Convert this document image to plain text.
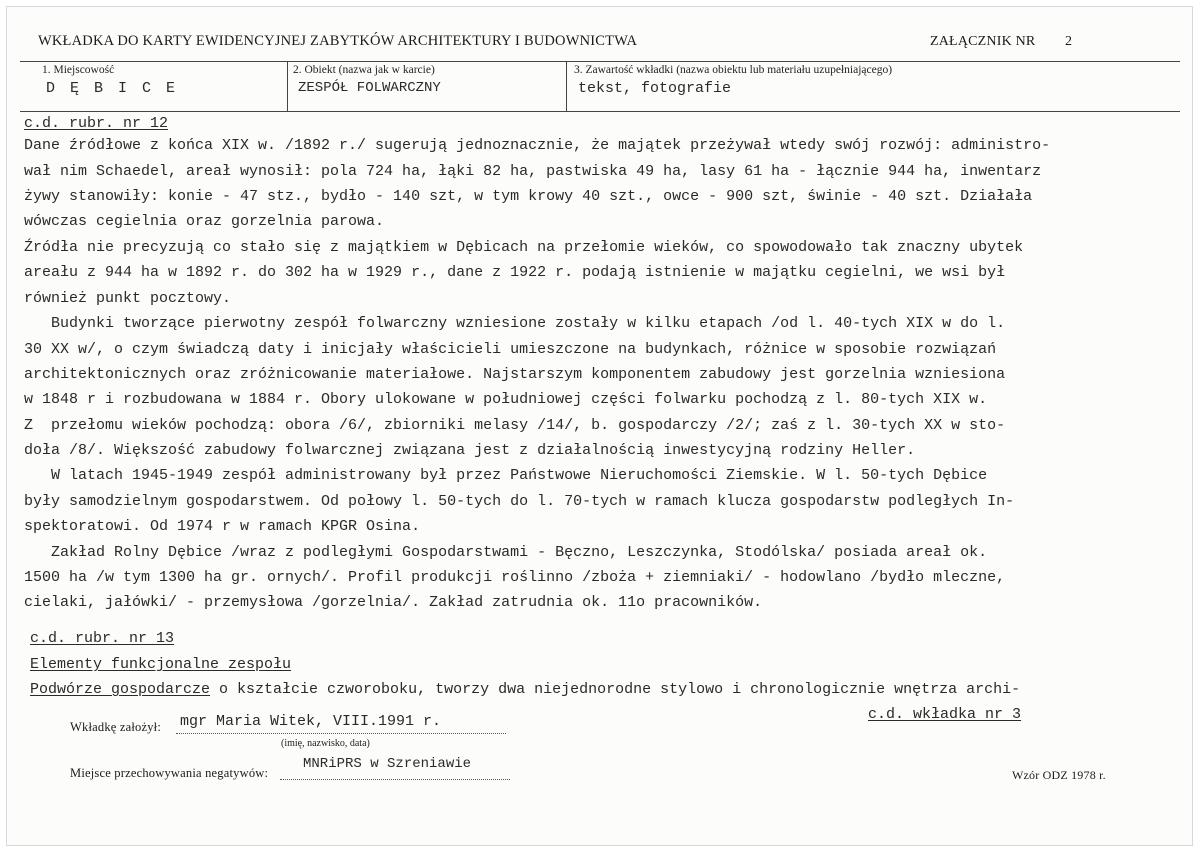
WKŁADKA DO KARTY EWIDENCYJNEJ ZABYTKÓW ARCHITEKTURY I BUDOWNICTWA	ZAŁĄCZNIK NR 2
1. Miejscowość
D Ę B I C E
2. Obiekt (nazwa jak w karcie)
ZESPÓŁ FOLWARCZNY
3. Zawartość wkładki (nazwa obiektu lub materiału uzupełniającego)
tekst, fotografie
c.d. rubr. nr 12
Dane źródłowe z końca XIX w. /1892 r./ sugerują jednoznacznie, że majątek przeżywał wtedy swój rozwój: administro-
wał nim Schaedel, areał wynosił: pola 724 ha, łąki 82 ha, pastwiska 49 ha, lasy 61 ha - łącznie 944 ha, inwentarz
żywy stanowiły: konie - 47 stz., bydło - 140 szt, w tym krowy 40 szt., owce - 900 szt, świnie - 40 szt. Działała
wówczas cegielnia oraz gorzelnia parowa.
Źródła nie precyzują co stało się z majątkiem w Dębicach na przełomie wieków, co spowodowało tak znaczny ubytek
areału z 944 ha w 1892 r. do 302 ha w 1929 r., dane z 1922 r. podają istnienie w majątku cegielni, we wsi był
również punkt pocztowy.
Budynki tworzące pierwotny zespół folwarczny wzniesione zostały w kilku etapach /od l. 40-tych XIX w do l.
30 XX w/, o czym świadczą daty i inicjały właścicieli umieszczone na budynkach, różnice w sposobie rozwiązań
architektonicznych oraz zróżnicowanie materiałowe. Najstarszym komponentem zabudowy jest gorzelnia wzniesiona
w 1848 r i rozbudowana w 1884 r. Obory ulokowane w południowej części folwarku pochodzą z l. 80-tych XIX w.
Z  przełomu wieków pochodzą: obora /6/, zbiorniki melasy /14/, b. gospodarczy /2/; zaś z l. 30-tych XX w sto-
doła /8/. Większość zabudowy folwarcznej związana jest z działalnością inwestycyjną rodziny Heller.
W latach 1945-1949 zespół administrowany był przez Państwowe Nieruchomości Ziemskie. W l. 50-tych Dębice
były samodzielnym gospodarstwem. Od połowy l. 50-tych do l. 70-tych w ramach klucza gospodarstw podległych In-
spektoratowi. Od 1974 r w ramach KPGR Osina.
Zakład Rolny Dębice /wraz z podległymi Gospodarstwami - Bęczno, Leszczynka, Stodólska/ posiada areał ok.
1500 ha /w tym 1300 ha gr. ornych/. Profil produkcji roślinno /zboża + ziemniaki/ - hodowlano /bydło mleczne,
cielaki, jałówki/ - przemysłowa /gorzelnia/. Zakład zatrudnia ok. 11o pracowników.
c.d. rubr. nr 13
Elementy funkcjonalne zespołu
Podwórze gospodarcze o kształcie czworoboku, tworzy dwa niejednorodne stylowo i chronologicznie wnętrza archi-
c.d. wkładka nr 3
Wkładkę założył: mgr Maria Witek, VIII.1991 r.
(imię, nazwisko, data)
Miejsce przechowywania negatywów:
MNRiPRS w Szreniawie
Wzór ODZ 1978 r.
